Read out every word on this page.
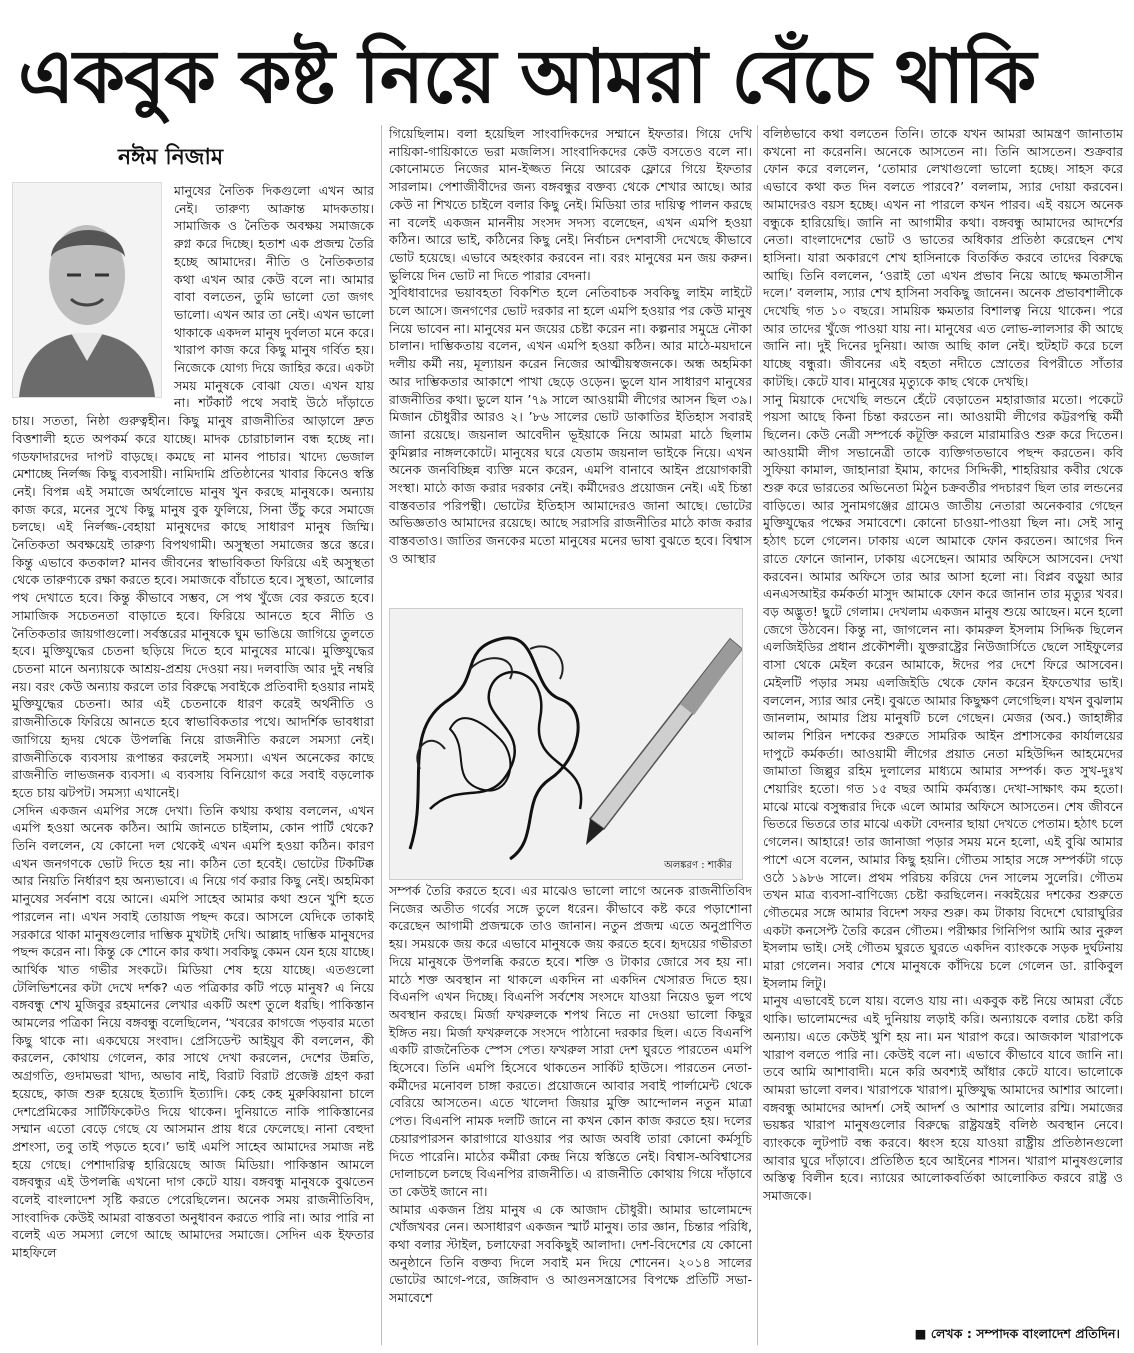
একবুক কষ্ট নিয়ে আমরা বেঁচে থাকি
নঈম নিজাম

মানুষের নৈতিক দিকগুলো এখন আর নেই। তারুণ্য আক্রান্ত মাদকতায়। সামাজিক ও নৈতিক অবক্ষয় সমাজকে রুগ্ন করে দিচ্ছে। হতাশ এক প্রজন্ম তৈরি হচ্ছে আমাদের। নীতি ও নৈতিকতার কথা এখন আর কেউ বলে না। আমার বাবা বলতেন, তুমি ভালো তো জগৎ ভালো। এখন আর তা নেই। এখন ভালো থাকাকে একদল মানুষ দুর্বলতা মনে করে। খারাপ কাজ করে কিছু মানুষ গর্বিত হয়। নিজেকে যোগ্য দিয়ে জাহির করে। একটা সময় মানুষকে বোঝা যেত। এখন যায় না। শর্টকার্ট পথে সবাই উঠে দাঁড়াতে চায়। সততা, নিষ্ঠা গুরুত্বহীন। কিছু মানুষ রাজনীতির আড়ালে দ্রুত বিত্তশালী হতে অপকর্ম করে যাচ্ছে। মাদক চোরাচালান বন্ধ হচ্ছে না। গডফাদারদের দাপট বাড়ছে। কমছে না মানব পাচার। খাদ্যে ভেজাল মেশাচ্ছে নির্লজ্জ কিছু ব্যবসায়ী। নামিদামি প্রতিষ্ঠানের খাবার কিনেও স্বস্তি নেই। বিপন্ন এই সমাজে অর্থলোভে মানুষ খুন করছে মানুষকে। অন্যায় কাজ করে, মনের সুখে কিছু মানুষ বুক ফুলিয়ে, সিনা উঁচু করে সমাজে চলছে। এই নির্লজ্জ-বেহায়া মানুষদের কাছে সাধারণ মানুষ জিম্মি। নৈতিকতা অবক্ষয়েই তারুণ্য বিপথগামী। অসুস্থতা সমাজের স্তরে স্তরে। কিন্তু এভাবে কতকাল? মানব জীবনের স্বাভাবিকতা ফিরিয়ে এই অসুস্থতা থেকে তারুণ্যকে রক্ষা করতে হবে। সমাজকে বাঁচাতে হবে। সুস্থতা, আলোর পথ দেখাতে হবে। কিন্তু কীভাবে সম্ভব, সে পথ খুঁজে বের করতে হবে। সামাজিক সচেতনতা বাড়াতে হবে। ফিরিয়ে আনতে হবে নীতি ও নৈতিকতার জায়গাগুলো। সর্বস্তরের মানুষকে ঘুম ভাঙিয়ে জাগিয়ে তুলতে হবে। মুক্তিযুদ্ধের চেতনা ছড়িয়ে দিতে হবে মানুষের মাঝে। মুক্তিযুদ্ধের চেতনা মানে অন্যায়কে আশ্রয়-প্রশ্রয় দেওয়া নয়। দলবাজি আর দুই নম্বরি নয়। বরং কেউ অন্যায় করলে তার বিরুদ্ধে সবাইকে প্রতিবাদী হওয়ার নামই মুক্তিযুদ্ধের চেতনা। আর এই চেতনাকে ধারণ করেই অর্থনীতি ও রাজনীতিকে ফিরিয়ে আনতে হবে স্বাভাবিকতার পথে। আদর্শিক ভাবধারা জাগিয়ে হৃদয় থেকে উপলব্ধি নিয়ে রাজনীতি করলে সমস্যা নেই। রাজনীতিকে ব্যবসায় রূপান্তর করলেই সমস্যা। এখন অনেকের কাছে রাজনীতি লাভজনক ব্যবসা। এ ব্যবসায় বিনিয়োগ করে সবাই বড়লোক হতে চায় ঝটপট। সমস্যা এখানেই।

সেদিন একজন এমপির সঙ্গে দেখা। তিনি কথায় কথায় বললেন, এখন এমপি হওয়া অনেক কঠিন। আমি জানতে চাইলাম, কোন পার্টি থেকে? তিনি বললেন, যে কোনো দল থেকেই এখন এমপি হওয়া কঠিন। কারণ এখন জনগণকে ভোট দিতে হয় না। কঠিন তো হবেই। ভোটের টিকটিক্ক আর নিয়তি নির্ধারণ হয় অন্যভাবে। এ নিয়ে গর্ব করার কিছু নেই। অহমিকা মানুষের সর্বনাশ বয়ে আনে। এমপি সাহেব আমার কথা শুনে খুশি হতে পারলেন না। এখন সবাই তোয়াজ পছন্দ করে। আসলে যেদিকে তাকাই সরকারে থাকা মানুষগুলোর দাম্ভিক মুখটাই দেখি। আল্লাহ দাম্ভিক মানুষদের পছন্দ করেন না। কিন্তু কে শোনে কার কথা। সবকিছু কেমন যেন হয়ে যাচ্ছে। আর্থিক খাত গভীর সংকটে। মিডিয়া শেষ হয়ে যাচ্ছে। এতগুলো টেলিভিশনের কটা দেখে দর্শক? এত পত্রিকার কটি পড়ে মানুষ? এ নিয়ে বঙ্গবন্ধু শেখ মুজিবুর রহমানের লেখার একটি অংশ তুলে ধরছি। পাকিস্তান আমলের পত্রিকা নিয়ে বঙ্গবন্ধু বলেছিলেন, ‘খবরের কাগজে পড়বার মতো কিছু থাকে না। একঘেয়ে সংবাদ। প্রেসিডেন্ট আইয়ুব কী বললেন, কী করলেন, কোথায় গেলেন, কার সাথে দেখা করলেন, দেশের উন্নতি, অগ্রগতি, গুদামভরা খাদ্য, অভাব নাই, বিরাট বিরাট প্রজেক্ট গ্রহণ করা হয়েছে, কাজ শুরু হয়েছে ইত্যাদি ইত্যাদি। কেহ কেহ মুরুব্বিয়ানা চালে দেশপ্রেমিকের সার্টিফিকেটও দিয়ে থাকেন। দুনিয়াতে নাকি পাকিস্তানের সম্মান এতো বেড়ে গেছে যে আসমান প্রায় ধরে ফেলেছে। নানা বেহুদা প্রশংসা, তবু তাই পড়তে হবে।’ ভাই এমপি সাহেব আমাদের সমাজ নষ্ট হয়ে গেছে। পেশাদারিত্ব হারিয়েছে আজ মিডিয়া। পাকিস্তান আমলে বঙ্গবন্ধুর এই উপলব্ধি এখনো দাগ কেটে যায়। বঙ্গবন্ধু মানুষকে বুঝতেন বলেই বাংলাদেশ সৃষ্টি করতে পেরেছিলেন। অনেক সময় রাজনীতিবিদ, সাংবাদিক কেউই আমরা বাস্তবতা অনুধাবন করতে পারি না। আর পারি না বলেই এত সমস্যা লেগে আছে আমাদের সমাজে। সেদিন এক ইফতার মাহফিলে

গিয়েছিলাম। বলা হয়েছিল সাংবাদিকদের সম্মানে ইফতার। গিয়ে দেখি নায়িকা-গায়িকাতে ভরা মজলিস। সাংবাদিকদের কেউ বসতেও বলে না। কোনোমতে নিজের মান-ইজ্জত নিয়ে আরেক ফ্লোরে গিয়ে ইফতার সারলাম। পেশাজীবীদের জন্য বঙ্গবন্ধুর বক্তব্য থেকে শেখার আছে। আর কেউ না শিখতে চাইলে বলার কিছু নেই। মিডিয়া তার দায়িত্ব পালন করছে না বলেই একজন মাননীয় সংসদ সদস্য বলেছেন, এখন এমপি হওয়া কঠিন। আরে ভাই, কঠিনের কিছু নেই। নির্বাচন দেশবাসী দেখেছে কীভাবে ভোট হয়েছে। এভাবে অহংকার করবেন না। বরং মানুষের মন জয় করুন। ভুলিয়ে দিন ভোট না দিতে পারার বেদনা।

সুবিধাবাদের ভয়াবহতা বিকশিত হলে নেতিবাচক সবকিছু লাইম লাইটে চলে আসে। জনগণের ভোট দরকার না হলে এমপি হওয়ার পর কেউ মানুষ নিয়ে ভাবেন না। মানুষের মন জয়ের চেষ্টা করেন না। কল্পনার সমুদ্রে নৌকা চালান। দাম্ভিকতায় বলেন, এখন এমপি হওয়া কঠিন। আর মাঠে-ময়দানে দলীয় কর্মী নয়, মূল্যায়ন করেন নিজের আত্মীয়স্বজনকে। অন্ধ অহমিকা আর দাম্ভিকতার আকাশে পাখা ছেড়ে ওড়েন। ভুলে যান সাধারণ মানুষের রাজনীতির কথা। ভুলে যান ’৭৯ সালে আওয়ামী লীগের আসন ছিল ৩৯। মিজান চৌধুরীর আরও ২। ’৮৬ সালের ভোট ডাকাতির ইতিহাস সবারই জানা রয়েছে। জয়নাল আবেদীন ভূইয়াকে নিয়ে আমরা মাঠে ছিলাম কুমিল্লার নাঙ্গলকোটে। মানুষের ঘরে যেতাম জয়নাল ভাইকে নিয়ে। এখন অনেক জনবিচ্ছিন্ন ব্যক্তি মনে করেন, এমপি বানাবে আইন প্রয়োগকারী সংস্থা। মাঠে কাজ করার দরকার নেই। কর্মীদেরও প্রয়োজন নেই। এই চিন্তা বাস্তবতার পরিপন্থী। ভোটের ইতিহাস আমাদেরও জানা আছে। ভোটের অভিজ্ঞতাও আমাদের রয়েছে। আছে সরাসরি রাজনীতির মাঠে কাজ করার বাস্তবতাও। জাতির জনকের মতো মানুষের মনের ভাষা বুঝতে হবে। বিশ্বাস ও আস্থার

সম্পর্ক তৈরি করতে হবে। এর মাঝেও ভালো লাগে অনেক রাজনীতিবিদ নিজের অতীত গর্বের সঙ্গে তুলে ধরেন। কীভাবে কষ্ট করে পড়াশোনা করেছেন আগামী প্রজন্মকে তাও জানান। নতুন প্রজন্ম এতে অনুপ্রাণিত হয়। সময়কে জয় করে এভাবে মানুষকে জয় করতে হবে। হৃদয়ের গভীরতা দিয়ে মানুষকে উপলব্ধি করতে হবে। শক্তি ও টাকার জোরে সব হয় না। মাঠে শক্ত অবস্থান না থাকলে একদিন না একদিন খেসারত দিতে হয়। বিএনপি এখন দিচ্ছে। বিএনপি সর্বশেষ সংসদে যাওয়া নিয়েও ভুল পথে অবস্থান করছে। মির্জা ফখরুলকে শপথ নিতে না দেওয়া ভালো কিছুর ইঙ্গিত নয়। মির্জা ফখরুলকে সংসদে পাঠানো দরকার ছিল। এতে বিএনপি একটি রাজনৈতিক স্পেস পেত। ফখরুল সারা দেশ ঘুরতে পারতেন এমপি হিসেবে। তিনি এমপি হিসেবে থাকতেন সার্কিট হাউসে। পারতেন নেতা-কর্মীদের মনোবল চাঙ্গা করতে। প্রয়োজনে আবার সবাই পার্লামেন্ট থেকে বেরিয়ে আসতেন। এতে খালেদা জিয়ার মুক্তি আন্দোলন নতুন মাত্রা পেত। বিএনপি নামক দলটি জানে না কখন কোন কাজ করতে হয়। দলের চেয়ারপারসন কারাগারে যাওয়ার পর আজ অবধি তারা কোনো কর্মসূচি দিতে পারেনি। মাঠের কর্মীরা কেন্দ্র নিয়ে স্বস্তিতে নেই। বিশ্বাস-অবিশ্বাসের দোলাচলে চলছে বিএনপির রাজনীতি। এ রাজনীতি কোথায় গিয়ে দাঁড়াবে তা কেউই জানে না।

আমার একজন প্রিয় মানুষ এ কে আজাদ চৌধুরী। আমার ভালোমন্দে খোঁজখবর নেন। অসাধারণ একজন স্মার্ট মানুষ। তার জ্ঞান, চিন্তার পরিধি, কথা বলার স্টাইল, চলাফেরা সবকিছুই আলাদা। দেশ-বিদেশের যে কোনো অনুষ্ঠানে তিনি বক্তব্য দিলে সবাই মন দিয়ে শোনেন। ২০১৪ সালের ভোটের আগে-পরে, জঙ্গিবাদ ও আগুনসন্ত্রাসের বিপক্ষে প্রতিটি সভা-সমাবেশে

অলঙ্করণ : শাকীর

বলিষ্ঠভাবে কথা বলতেন তিনি। তাকে যখন আমরা আমন্ত্রণ জানাতাম কখনো না করেননি। অনেকে আসতেন না। তিনি আসতেন। শুক্রবার ফোন করে বললেন, ‘তোমার লেখাগুলো ভালো হচ্ছে। সাহস করে এভাবে কথা কত দিন বলতে পারবে?’ বললাম, স্যার দোয়া করবেন। আমাদেরও বয়স হচ্ছে। এখন না পারলে কখন পারব। এই বয়সে অনেক বন্ধুকে হারিয়েছি। জানি না আগামীর কথা। বঙ্গবন্ধু আমাদের আদর্শের নেতা। বাংলাদেশের ভোট ও ভাতের অধিকার প্রতিষ্ঠা করেছেন শেখ হাসিনা। যারা অকারণে শেখ হাসিনাকে বিতর্কিত করবে তাদের বিরুদ্ধে আছি। তিনি বললেন, ‘ওরাই তো এখন প্রভাব নিয়ে আছে ক্ষমতাসীন দলে।’ বললাম, স্যার শেখ হাসিনা সবকিছু জানেন। অনেক প্রভাবশালীকে দেখেছি গত ১০ বছরে। সাময়িক ক্ষমতার বিশালত্ব নিয়ে থাকেন। পরে আর তাদের খুঁজে পাওয়া যায় না। মানুষের এত লোভ-লালসার কী আছে জানি না। দুই দিনের দুনিয়া। আজ আছি কাল নেই। হুটহাট করে চলে যাচ্ছে বন্ধুরা। জীবনের এই বহতা নদীতে স্রোতের বিপরীতে সাঁতার কাটছি। কেটে যাব। মানুষের মৃত্যুকে কাছ থেকে দেখছি।

সানু মিয়াকে দেখেছি লন্ডনে হেঁটে বেড়াতেন মহারাজার মতো। পকেটে পয়সা আছে কিনা চিন্তা করতেন না। আওয়ামী লীগের কট্টরপন্থি কর্মী ছিলেন। কেউ নেত্রী সম্পর্কে কটূক্তি করলে মারামারিও শুরু করে দিতেন। আওয়ামী লীগ সভানেত্রী তাকে ব্যক্তিগতভাবে পছন্দ করতেন। কবি সুফিয়া কামাল, জাহানারা ইমাম, কাদের সিদ্দিকী, শাহরিয়ার কবীর থেকে শুরু করে ভারতের অভিনেতা মিঠুন চক্রবর্তীর পদচারণ ছিল তার লন্ডনের বাড়িতে। আর সুনামগঞ্জের গ্রামেও জাতীয় নেতারা অনেকবার গেছেন মুক্তিযুদ্ধের পক্ষের সমাবেশে। কোনো চাওয়া-পাওয়া ছিল না। সেই সানু হঠাৎ চলে গেলেন। ঢাকায় এলে আমাকে ফোন করতেন। আগের দিন রাতে ফোনে জানান, ঢাকায় এসেছেন। আমার অফিসে আসবেন। দেখা করবেন। আমার অফিসে তার আর আসা হলো না। বিপ্লব বড়ুয়া আর এনএসআইর কর্মকর্তা মাসুদ আমাকে ফোন করে জানান তার মৃত্যুর খবর। বড় অদ্ভুত! ছুটে গেলাম। দেখলাম একজন মানুষ শুয়ে আছেন। মনে হলো জেগে উঠবেন। কিন্তু না, জাগলেন না। কামরুল ইসলাম সিদ্দিক ছিলেন এলজিইডির প্রধান প্রকৌশলী। যুক্তরাষ্ট্রের নিউজার্সিতে ছেলে সাইফুলের বাসা থেকে মেইল করেন আমাকে, ঈদের পর দেশে ফিরে আসবেন। মেইলটি পড়ার সময় এলজিইডি থেকে ফোন করেন ইফতেখার ভাই। বললেন, স্যার আর নেই। বুঝতে আমার কিছুক্ষণ লেগেছিল। যখন বুঝলাম জানলাম, আমার প্রিয় মানুষটি চলে গেছেন। মেজর (অব.) জাহাঙ্গীর আলম শিরিন দশকের শুরুতে সামরিক আইন প্রশাসকের কার্যালয়ের দাপুটে কর্মকর্তা। আওয়ামী লীগের প্রয়াত নেতা মহিউদ্দিন আহমেদের জামাতা জিল্লুর রহিম দুলালের মাধ্যমে আমার সম্পর্ক। কত সুখ-দুঃখ শেয়ারিং হতো। গত ১৫ বছর আমি কর্মব্যস্ত। দেখা-সাক্ষাৎ কম হতো। মাঝে মাঝে বসুন্ধরার দিকে এলে আমার অফিসে আসতেন। শেষ জীবনে ভিতরে ভিতরে তার মাঝে একটা বেদনার ছায়া দেখতে পেতাম। হঠাৎ চলে গেলেন। আহারে! তার জানাজা পড়ার সময় মনে হলো, এই বুঝি আমার পাশে এসে বলেন, আমার কিছু হয়নি। গৌতম সাহার সঙ্গে সম্পর্কটা গড়ে ওঠে ১৯৮৬ সালে। প্রথম পরিচয় করিয়ে দেন সালেম সুলেরি। গৌতম তখন মাত্র ব্যবসা-বাণিজ্যে চেষ্টা করছিলেন। নব্বইয়ের দশকের শুরুতে গৌতমের সঙ্গে আমার বিদেশ সফর শুরু। কম টাকায় বিদেশে ঘোরাঘুরির একটা কনসেপ্ট তৈরি করেন গৌতম। পরীক্ষার গিনিপিগ আমি আর নুরুল ইসলাম ভাই। সেই গৌতম ঘুরতে ঘুরতে একদিন ব্যাংককে সড়ক দুর্ঘটনায় মারা গেলেন। সবার শেষে মানুষকে কাঁদিয়ে চলে গেলেন ডা. রাকিবুল ইসলাম লিটু।

মানুষ এভাবেই চলে যায়। বলেও যায় না। একবুক কষ্ট নিয়ে আমরা বেঁচে থাকি। ভালোমন্দের এই দুনিয়ায় লড়াই করি। অন্যায়কে বলার চেষ্টা করি অন্যায়। এতে কেউই খুশি হয় না। মন খারাপ করে। আজকাল খারাপকে খারাপ বলতে পারি না। কেউই বলে না। এভাবে কীভাবে যাবে জানি না। তবে আমি আশাবাদী। মনে করি অবশ্যই আঁধার কেটে যাবে। ভালোকে আমরা ভালো বলব। খারাপকে খারাপ। মুক্তিযুদ্ধ আমাদের আশার আলো। বঙ্গবন্ধু আমাদের আদর্শ। সেই আদর্শ ও আশার আলোর রশ্মি। সমাজের ভয়ঙ্কর খারাপ মানুষগুলোর বিরুদ্ধে রাষ্ট্রযন্ত্রই বলিষ্ঠ অবস্থান নেবে। ব্যাংককে লুটপাট বন্ধ করবে। ধ্বংস হয়ে যাওয়া রাষ্ট্রীয় প্রতিষ্ঠানগুলো আবার ঘুরে দাঁড়াবে। প্রতিষ্ঠিত হবে আইনের শাসন। খারাপ মানুষগুলোর অস্তিত্ব বিলীন হবে। ন্যায়ের আলোকবর্তিকা আলোকিত করবে রাষ্ট্র ও সমাজকে।

■ লেখক : সম্পাদক বাংলাদেশ প্রতিদিন।
